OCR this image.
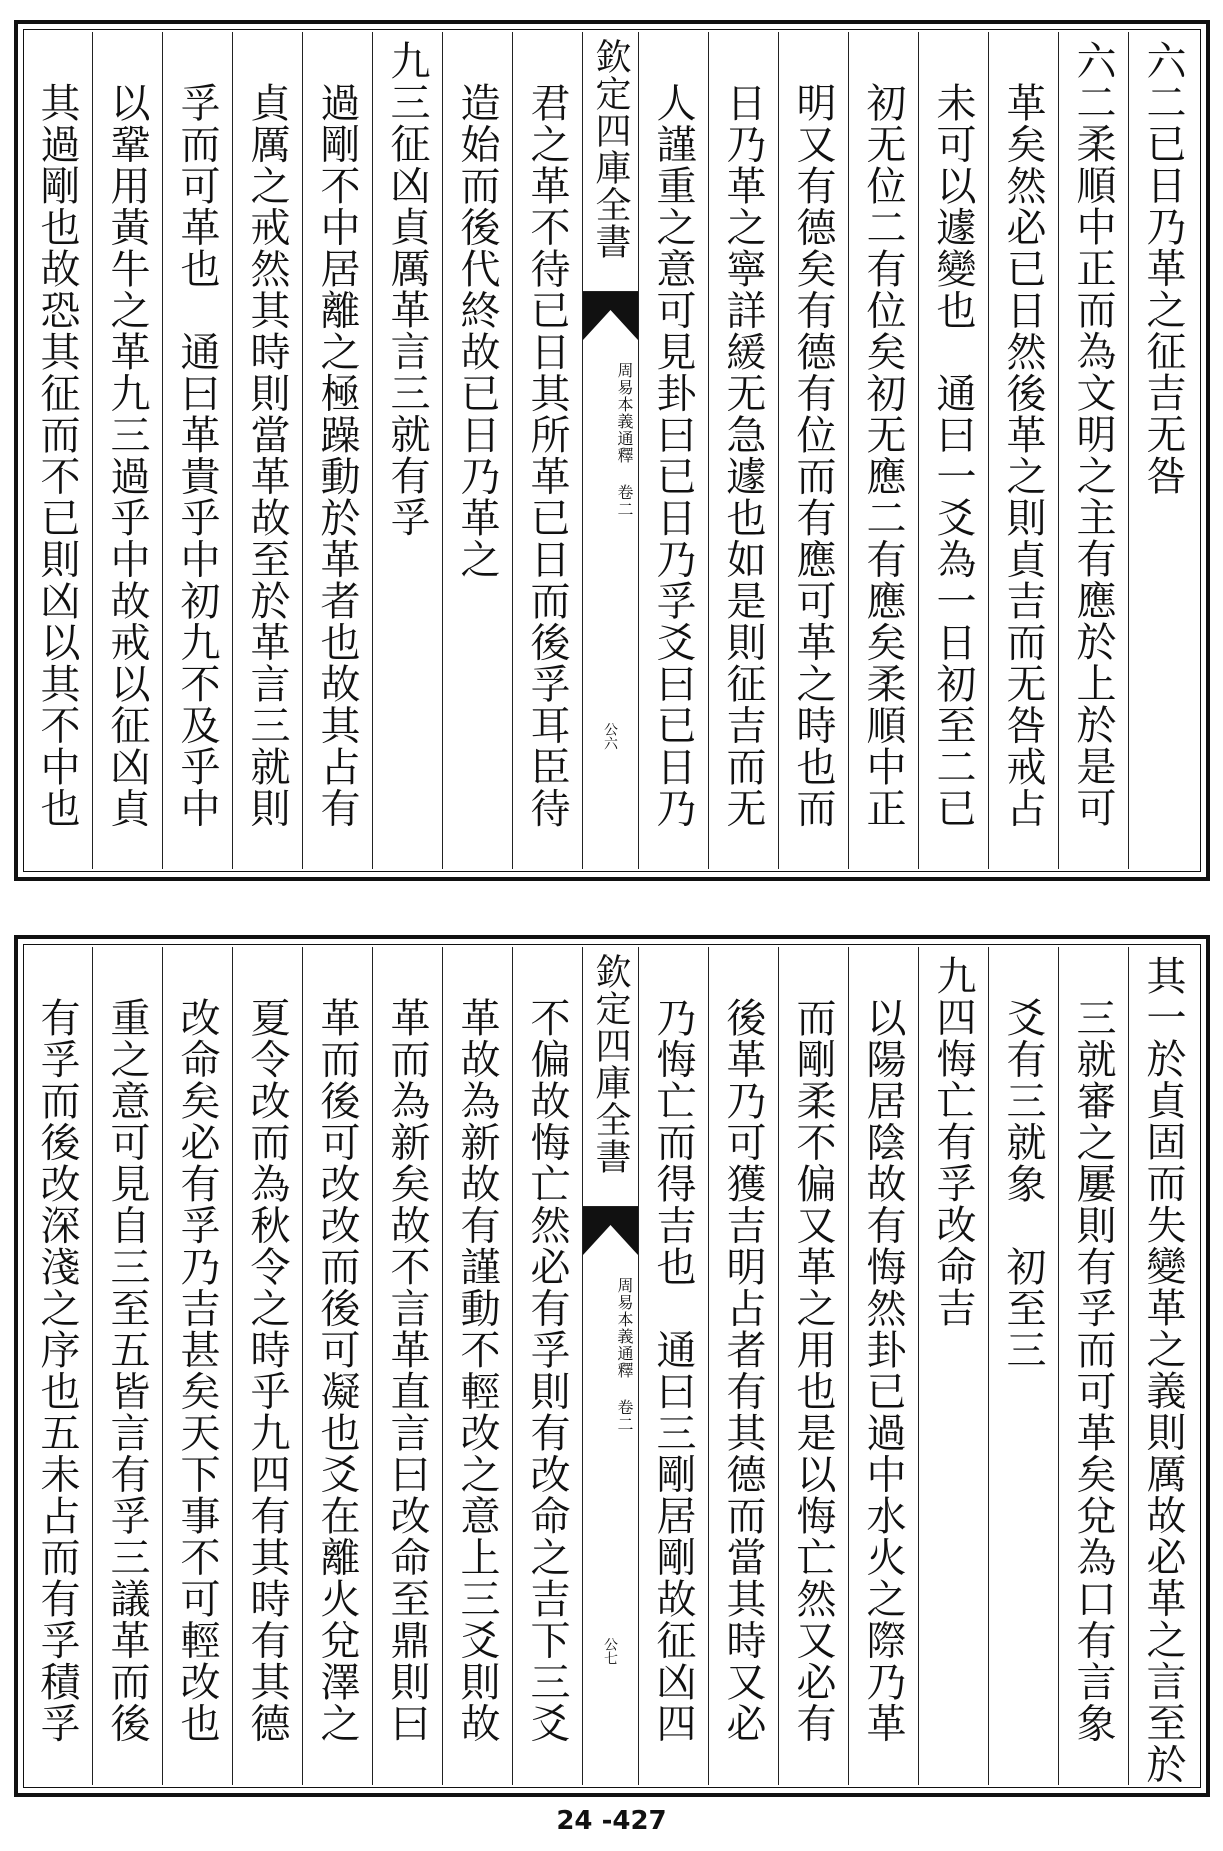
六二已日乃革之征吉无咎
六二柔順中正而為文明之主有應於上於是可
革矣然必已日然後革之則貞吉而无咎戒占
未可以遽變也　通曰一爻為一日初至二已
初无位二有位矣初无應二有應矣柔順中正
明又有德矣有德有位而有應可革之時也而
日乃革之寧詳緩无急遽也如是則征吉而无
人謹重之意可見卦曰已日乃孚爻曰已日乃
欽定四庫全書
周易本義通釋 卷二
公六
君之革不待已日其所革已日而後孚耳臣待
造始而後代終故已日乃革之
九三征凶貞厲革言三就有孚
過剛不中居離之極躁動於革者也故其占有
貞厲之戒然其時則當革故至於革言三就則
孚而可革也　通曰革貴乎中初九不及乎中
以鞏用黃牛之革九三過乎中故戒以征凶貞
其過剛也故恐其征而不已則凶以其不中也
其一於貞固而失變革之義則厲故必革之言至於
三就審之屢則有孚而可革矣兌為口有言象
爻有三就象　初至三
九四悔亡有孚改命吉
以陽居陰故有悔然卦已過中水火之際乃革
而剛柔不偏又革之用也是以悔亡然又必有
後革乃可獲吉明占者有其德而當其時又必
乃悔亡而得吉也　通曰三剛居剛故征凶四
欽定四庫全書
周易本義通釋 卷二
公七
不偏故悔亡然必有孚則有改命之吉下三爻
革故為新故有謹動不輕改之意上三爻則故
革而為新矣故不言革直言曰改命至鼎則曰
革而後可改改而後可凝也爻在離火兌澤之
夏令改而為秋令之時乎九四有其時有其德
改命矣必有孚乃吉甚矣天下事不可輕改也
重之意可見自三至五皆言有孚三議革而後
有孚而後改深淺之序也五未占而有孚積孚
24 -427
